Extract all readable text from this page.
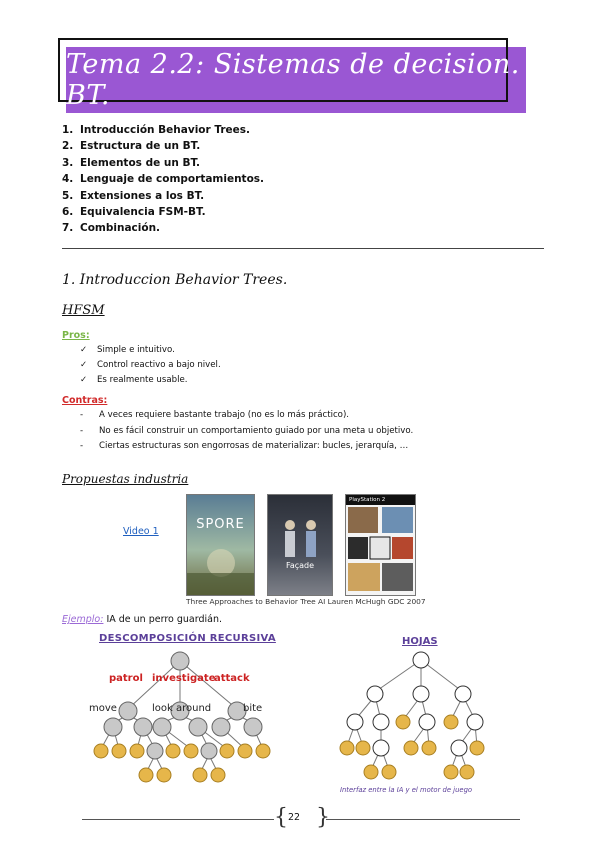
Tema 2.2: Sistemas de decision. BT.
1. Introducción Behavior Trees.
2. Estructura de un BT.
3. Elementos de un BT.
4. Lenguaje de comportamientos.
5. Extensiones a los BT.
6. Equivalencia FSM-BT.
7. Combinación.
1. Introduccion Behavior Trees.
HFSM
Pros:
✓	Simple e intuitivo.
✓	Control reactivo a bajo nivel.
✓	Es realmente usable.
Contras:
-	A veces requiere bastante trabajo (no es lo más práctico).
-	No es fácil construir un comportamiento guiado por una meta u objetivo.
-	Ciertas estructuras son engorrosas de materializar: bucles, jerarquía, …
Propuestas industria
Video 1	SPORE
Façade
PlayStation 2
Three Approaches to Behavior Tree AI Lauren McHugh GDC 2007
Ejemplo: IA de un perro guardián.
DESCOMPOSICIÓN RECURSIVA
patrol investigate
attack
move	look around	bite
HOJAS
Interfaz entre la IA y el motor de juego
{ }
22
